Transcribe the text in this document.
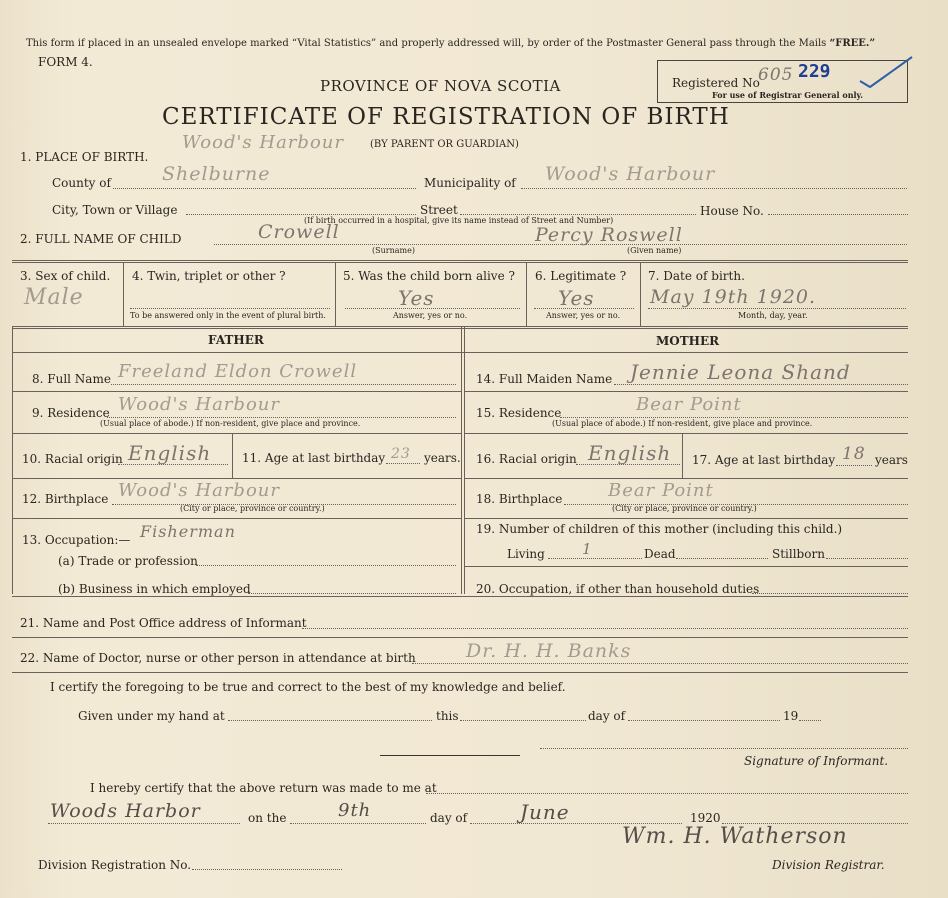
This form if placed in an unsealed envelope marked “Vital Statistics” and properly addressed will, by order of the Postmaster General pass through the Mails “FREE.”
FORM 4.
PROVINCE OF NOVA SCOTIA
CERTIFICATE OF REGISTRATION OF BIRTH
(BY PARENT OR GUARDIAN)
Registered No
605 229
For use of Registrar General only.
1. PLACE OF BIRTH.
Wood's Harbour
County of	Shelburne	Municipality of Wood's Harbour
City, Town or Village	Street	House No.
(If birth occurred in a hospital, give its name instead of Street and Number)
2. FULL NAME OF CHILD	Crowell
(Surname)
Percy Roswell
(Given name)
3. Sex of child.
Male
4. Twin, triplet or other ?
To be answered only in the event of plural birth.
5. Was the child born alive ?
Yes
Answer, yes or no.
6. Legitimate ?
Yes
Answer, yes or no.
7. Date of birth.
May 19th 1920.
Month, day, year.
FATHER	MOTHER
8. Full Name Freeland Eldon Crowell
9. Residence Wood's Harbour
(Usual place of abode.) If non-resident, give place and province.
10. Racial origin English	11. Age at last birthday 23 years.
12. Birthplace Wood's Harbour
(City or place, province or country.)
13. Occupation:— Fisherman
(a) Trade or profession
(b) Business in which employed
14. Full Maiden Name Jennie Leona Shand
15. Residence	Bear Point
(Usual place of abode.) If non-resident, give place and province.
16. Racial origin English 17. Age at last birthday 18 years
18. Birthplace	Bear Point
(City or place, province or country.)
19. Number of children of this mother (including this child.)
Living 1	Dead	Stillborn
20. Occupation, if other than household duties
21. Name and Post Office address of Informant
22. Name of Doctor, nurse or other person in attendance at birth	Dr. H. H. Banks
I certify the foregoing to be true and correct to the best of my knowledge and belief.
Given under my hand at	this	day of	19
Signature of Informant.
I hereby certify that the above return was made to me at
Woods Harbor	on the	9th	day of	June	1920
Division Registration No.
Wm. H. Watherson
Division Registrar.
